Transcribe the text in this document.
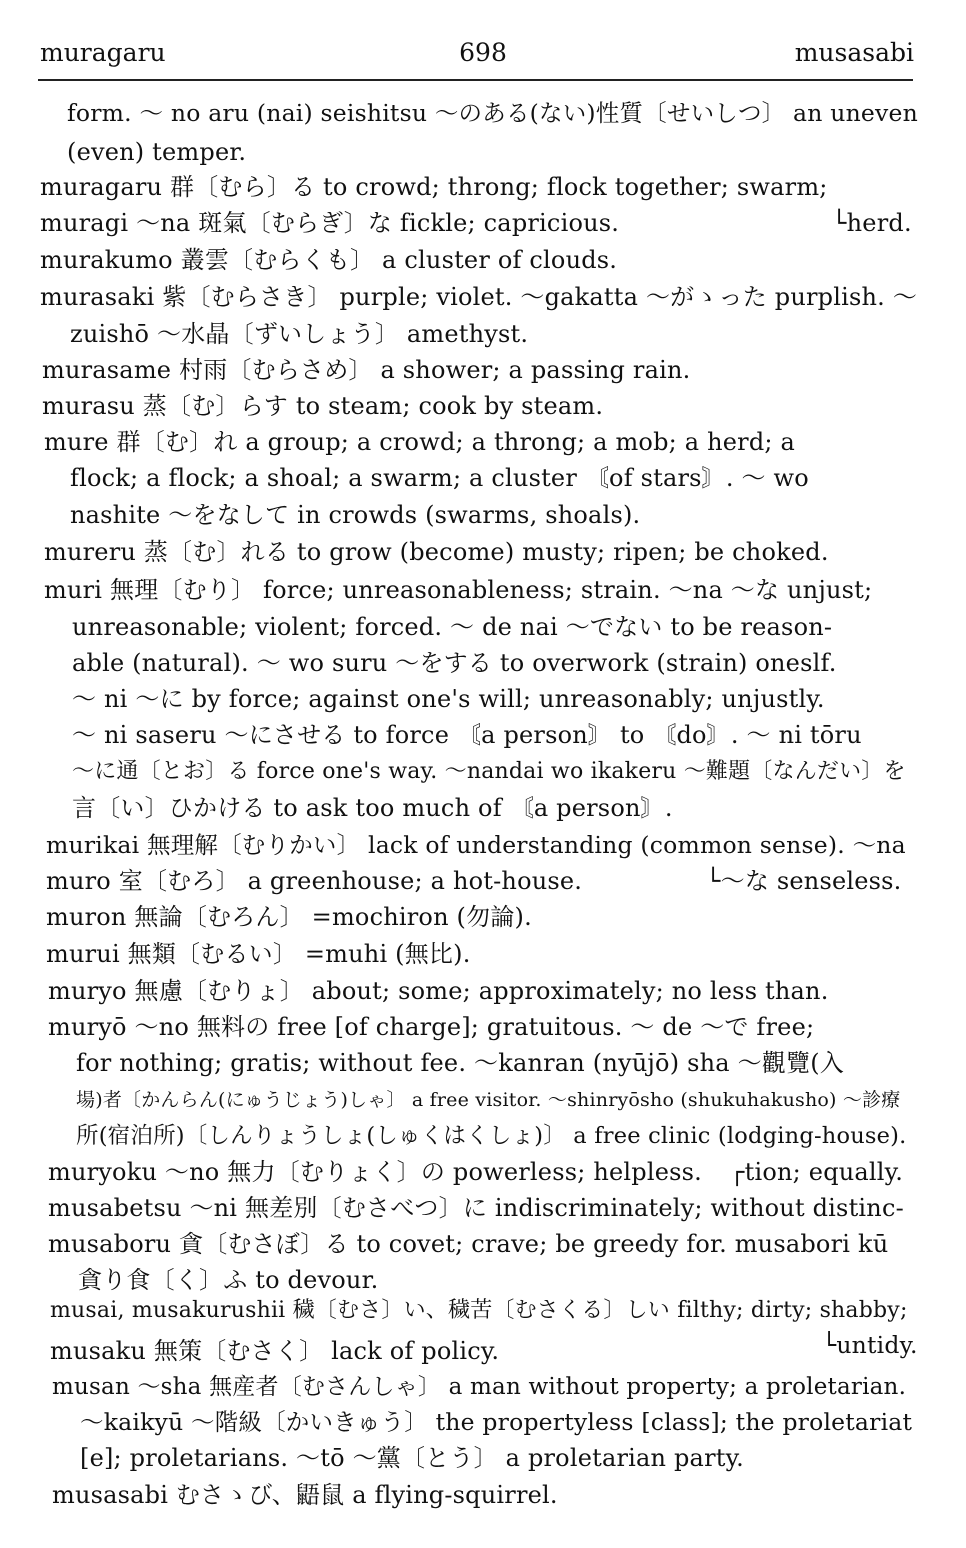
muragaru	698	musasabi
form. ～ no aru (nai) seishitsu ～のある(ない)性質〔せいしつ〕 an uneven
(even) temper.
muragaru 群〔むら〕る to crowd; throng; flock together; swarm;
muragi ～na 斑氣〔むらぎ〕な fickle; capricious.	└herd.
murakumo 叢雲〔むらくも〕 a cluster of clouds.
murasaki 紫〔むらさき〕 purple; violet. ～gakatta ～がゝった purplish. ～
zuishō ～水晶〔ずいしょう〕 amethyst.
murasame 村雨〔むらさめ〕 a shower; a passing rain.
murasu 蒸〔む〕らす to steam; cook by steam.
mure 群〔む〕れ a group; a crowd; a throng; a mob; a herd; a
flock; a flock; a shoal; a swarm; a cluster 〘of stars〙. ～ wo
nashite ～をなして in crowds (swarms, shoals).
mureru 蒸〔む〕れる to grow (become) musty; ripen; be choked.
muri 無理〔むり〕 force; unreasonableness; strain. ～na ～な unjust;
unreasonable; violent; forced. ～ de nai ～でない to be reason-
able (natural). ～ wo suru ～をする to overwork (strain) oneslf.
～ ni ～に by force; against one's will; unreasonably; unjustly.
～ ni saseru ～にさせる to force 〘a person〙 to 〘do〙. ～ ni tōru
～に通〔とお〕る force one's way. ～nandai wo ikakeru ～難題〔なんだい〕を
言〔い〕ひかける to ask too much of 〘a person〙.
murikai 無理解〔むりかい〕 lack of understanding (common sense). ～na
muro 室〔むろ〕 a greenhouse; a hot-house.	└～な senseless.
muron 無論〔むろん〕 =mochiron (勿論).
murui 無類〔むるい〕 =muhi (無比).
muryo 無慮〔むりょ〕 about; some; approximately; no less than.
muryō ～no 無料の free [of charge]; gratuitous. ～ de ～で free;
for nothing; gratis; without fee. ～kanran (nyūjō) sha ～觀覽(入
場)者〔かんらん(にゅうじょう)しゃ〕 a free visitor. ～shinryōsho (shukuhakusho) ～診療
所(宿泊所)〔しんりょうしょ(しゅくはくしょ)〕 a free clinic (lodging-house).
muryoku ～no 無力〔むりょく〕の powerless; helpless. ┌tion; equally.
musabetsu ～ni 無差別〔むさべつ〕に indiscriminately; without distinc-
musaboru 貪〔むさぼ〕る to covet; crave; be greedy for. musabori kū
貪り食〔く〕ふ to devour.
musai, musakurushii 穢〔むさ〕い、穢苦〔むさくる〕しい filthy; dirty; shabby;
musaku 無策〔むさく〕 lack of policy.	└untidy.
musan ～sha 無産者〔むさんしゃ〕 a man without property; a proletarian.
～kaikyū ～階級〔かいきゅう〕 the propertyless [class]; the proletariat
[e]; proletarians. ～tō ～黨〔とう〕 a proletarian party.
musasabi むさゝび、鼯鼠 a flying-squirrel.
